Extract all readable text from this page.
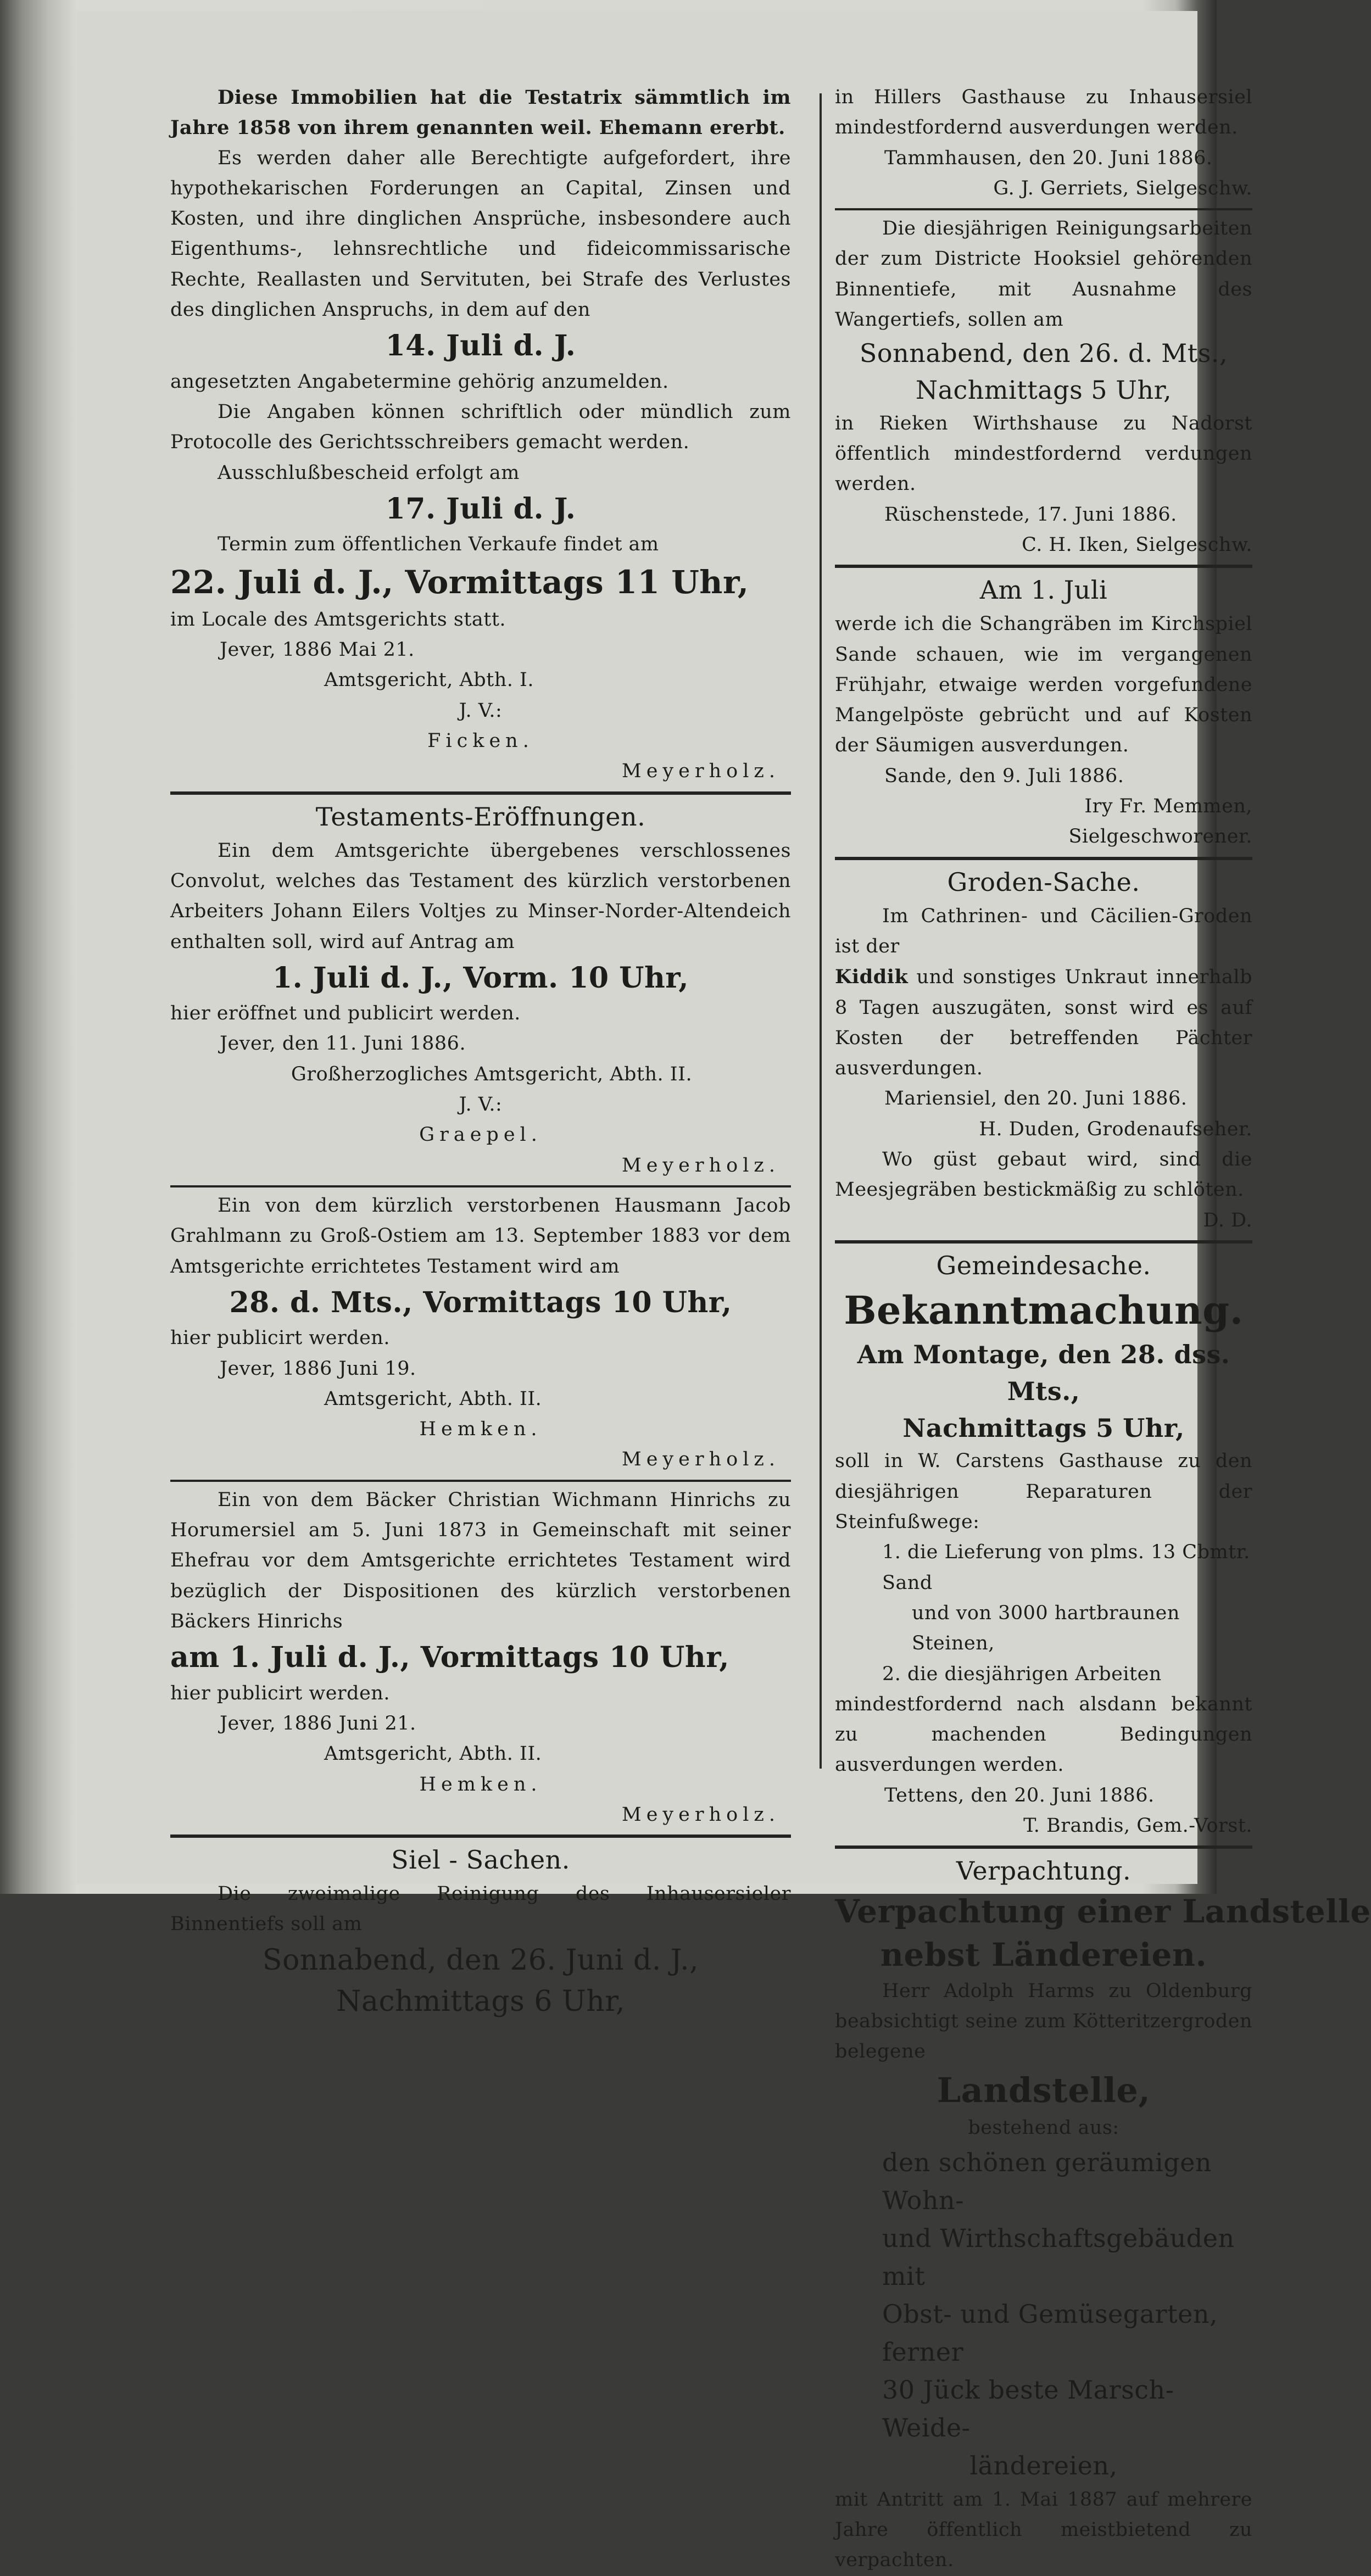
Diese Immobilien hat die Testatrix sämmtlich im Jahre 1858 von ihrem genannten weil. Ehemann ererbt.

Es werden daher alle Berechtigte aufgefordert, ihre hypothekarischen Forderungen an Capital, Zinsen und Kosten, und ihre dinglichen Ansprüche, insbesondere auch Eigenthums-, lehnsrechtliche und fideicommissarische Rechte, Reallasten und Servituten, bei Strafe des Verlustes des dinglichen Anspruchs, in dem auf den

14. Juli d. J.

angesetzten Angabetermine gehörig anzumelden.

Die Angaben können schriftlich oder mündlich zum Protocolle des Gerichtsschreibers gemacht werden.

Ausschlußbescheid erfolgt am

17. Juli d. J.

Termin zum öffentlichen Verkaufe findet am

22. Juli d. J., Vormittags 11 Uhr,

im Locale des Amtsgerichts statt.

Jever, 1886 Mai 21.

Amtsgericht, Abth. I.

J. V.:

Ficken.

Meyerholz.

Testaments-Eröffnungen.

Ein dem Amtsgerichte übergebenes verschlossenes Convolut, welches das Testament des kürzlich verstorbenen Arbeiters Johann Eilers Voltjes zu Minser-Norder-Altendeich enthalten soll, wird auf Antrag am

1. Juli d. J., Vorm. 10 Uhr,

hier eröffnet und publicirt werden.

Jever, den 11. Juni 1886.

Großherzogliches Amtsgericht, Abth. II.

J. V.:

Graepel.

Meyerholz.

Ein von dem kürzlich verstorbenen Hausmann Jacob Grahlmann zu Groß-Ostiem am 13. September 1883 vor dem Amtsgerichte errichtetes Testament wird am

28. d. Mts., Vormittags 10 Uhr,

hier publicirt werden.

Jever, 1886 Juni 19.

Amtsgericht, Abth. II.

Hemken.

Meyerholz.

Ein von dem Bäcker Christian Wichmann Hinrichs zu Horumersiel am 5. Juni 1873 in Gemeinschaft mit seiner Ehefrau vor dem Amtsgerichte errichtetes Testament wird bezüglich der Dispositionen des kürzlich verstorbenen Bäckers Hinrichs

am 1. Juli d. J., Vormittags 10 Uhr,

hier publicirt werden.

Jever, 1886 Juni 21.

Amtsgericht, Abth. II.

Hemken.

Meyerholz.

Siel - Sachen.

Die zweimalige Reinigung des Inhausersieler Binnentiefs soll am

Sonnabend, den 26. Juni d. J.,

Nachmittags 6 Uhr,

in Hillers Gasthause zu Inhausersiel mindestfordernd ausverdungen werden.

Tammhausen, den 20. Juni 1886.

G. J. Gerriets, Sielgeschw.

Die diesjährigen Reinigungsarbeiten der zum Districte Hooksiel gehörenden Binnentiefe, mit Ausnahme des Wangertiefs, sollen am

Sonnabend, den 26. d. Mts.,

Nachmittags 5 Uhr,

in Rieken Wirthshause zu Nadorst öffentlich mindestfordernd verdungen werden.

Rüschenstede, 17. Juni 1886.

C. H. Iken, Sielgeschw.

Am 1. Juli

werde ich die Schangräben im Kirchspiel Sande schauen, wie im vergangenen Frühjahr, etwaige werden vorgefundene Mangelpöste gebrücht und auf Kosten der Säumigen ausverdungen.

Sande, den 9. Juli 1886.

Iry Fr. Memmen,

Sielgeschworener.

Groden-Sache.

Im Cathrinen- und Cäcilien-Groden ist der

Kiddik und sonstiges Unkraut innerhalb 8 Tagen auszugäten, sonst wird es auf Kosten der betreffenden Pächter ausverdungen.

Mariensiel, den 20. Juni 1886.

H. Duden, Grodenaufseher.

Wo güst gebaut wird, sind die Meesjegräben bestickmäßig zu schlöten.

D. D.

Gemeindesache.

Bekanntmachung.

Am Montage, den 28. dss. Mts.,

Nachmittags 5 Uhr,

soll in W. Carstens Gasthause zu den diesjährigen Reparaturen der Steinfußwege:

1. die Lieferung von plms. 13 Cbmtr. Sand

und von 3000 hartbraunen Steinen,

2. die diesjährigen Arbeiten

mindestfordernd nach alsdann bekannt zu machenden Bedingungen ausverdungen werden.

Tettens, den 20. Juni 1886.

T. Brandis, Gem.-Vorst.

Verpachtung.

Verpachtung einer Landstelle

nebst Ländereien.

Herr Adolph Harms zu Oldenburg beabsichtigt seine zum Kötteritzergroden belegene

Landstelle,

bestehend aus:

den schönen geräumigen Wohn-

und Wirthschaftsgebäuden mit

Obst- und Gemüsegarten, ferner

30 Jück beste Marsch-Weide-

ländereien,

mit Antritt am 1. Mai 1887 auf mehrere Jahre öffentlich meistbietend zu verpachten.
